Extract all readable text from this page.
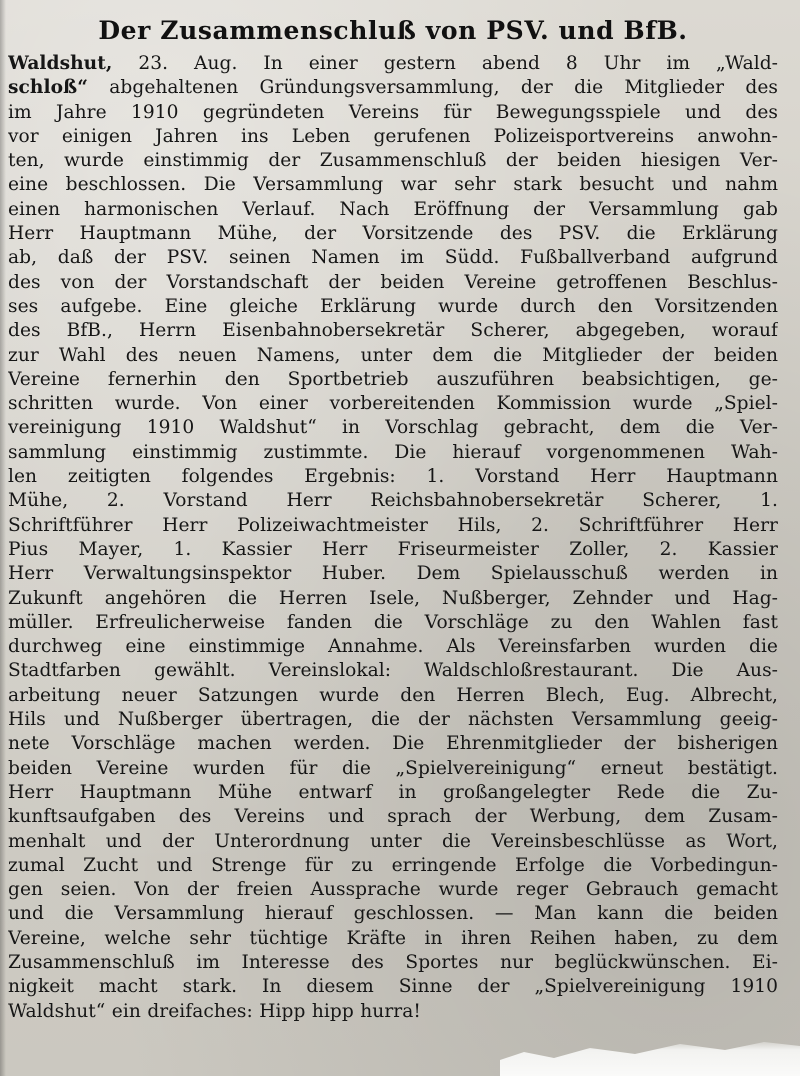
Der Zusammenschluß von PSV. und BfB.
Waldshut, 23. Aug. In einer gestern abend 8 Uhr im „Wald-
schloß“ abgehaltenen Gründungsversammlung, der die Mitglieder des
im Jahre 1910 gegründeten Vereins für Bewegungsspiele und des
vor einigen Jahren ins Leben gerufenen Polizeisportvereins anwohn-
ten, wurde einstimmig der Zusammenschluß der beiden hiesigen Ver-
eine beschlossen. Die Versammlung war sehr stark besucht und nahm
einen harmonischen Verlauf. Nach Eröffnung der Versammlung gab
Herr Hauptmann Mühe, der Vorsitzende des PSV. die Erklärung
ab, daß der PSV. seinen Namen im Südd. Fußballverband aufgrund
des von der Vorstandschaft der beiden Vereine getroffenen Beschlus-
ses aufgebe. Eine gleiche Erklärung wurde durch den Vorsitzenden
des BfB., Herrn Eisenbahnobersekretär Scherer, abgegeben, worauf
zur Wahl des neuen Namens, unter dem die Mitglieder der beiden
Vereine fernerhin den Sportbetrieb auszuführen beabsichtigen, ge-
schritten wurde. Von einer vorbereitenden Kommission wurde „Spiel-
vereinigung 1910 Waldshut“ in Vorschlag gebracht, dem die Ver-
sammlung einstimmig zustimmte. Die hierauf vorgenommenen Wah-
len zeitigten folgendes Ergebnis: 1. Vorstand Herr Hauptmann
Mühe, 2. Vorstand Herr Reichsbahnobersekretär Scherer, 1.
Schriftführer Herr Polizeiwachtmeister Hils, 2. Schriftführer Herr
Pius Mayer, 1. Kassier Herr Friseurmeister Zoller, 2. Kassier
Herr Verwaltungsinspektor Huber. Dem Spielausschuß werden in
Zukunft angehören die Herren Isele, Nußberger, Zehnder und Hag-
müller. Erfreulicherweise fanden die Vorschläge zu den Wahlen fast
durchweg eine einstimmige Annahme. Als Vereinsfarben wurden die
Stadtfarben gewählt. Vereinslokal: Waldschloßrestaurant. Die Aus-
arbeitung neuer Satzungen wurde den Herren Blech, Eug. Albrecht,
Hils und Nußberger übertragen, die der nächsten Versammlung geeig-
nete Vorschläge machen werden. Die Ehrenmitglieder der bisherigen
beiden Vereine wurden für die „Spielvereinigung“ erneut bestätigt.
Herr Hauptmann Mühe entwarf in großangelegter Rede die Zu-
kunftsaufgaben des Vereins und sprach der Werbung, dem Zusam-
menhalt und der Unterordnung unter die Vereinsbeschlüsse as Wort,
zumal Zucht und Strenge für zu erringende Erfolge die Vorbedingun-
gen seien. Von der freien Aussprache wurde reger Gebrauch gemacht
und die Versammlung hierauf geschlossen. — Man kann die beiden
Vereine, welche sehr tüchtige Kräfte in ihren Reihen haben, zu dem
Zusammenschluß im Interesse des Sportes nur beglückwünschen. Ei-
nigkeit macht stark. In diesem Sinne der „Spielvereinigung 1910
Waldshut“ ein dreifaches: Hipp hipp hurra!
